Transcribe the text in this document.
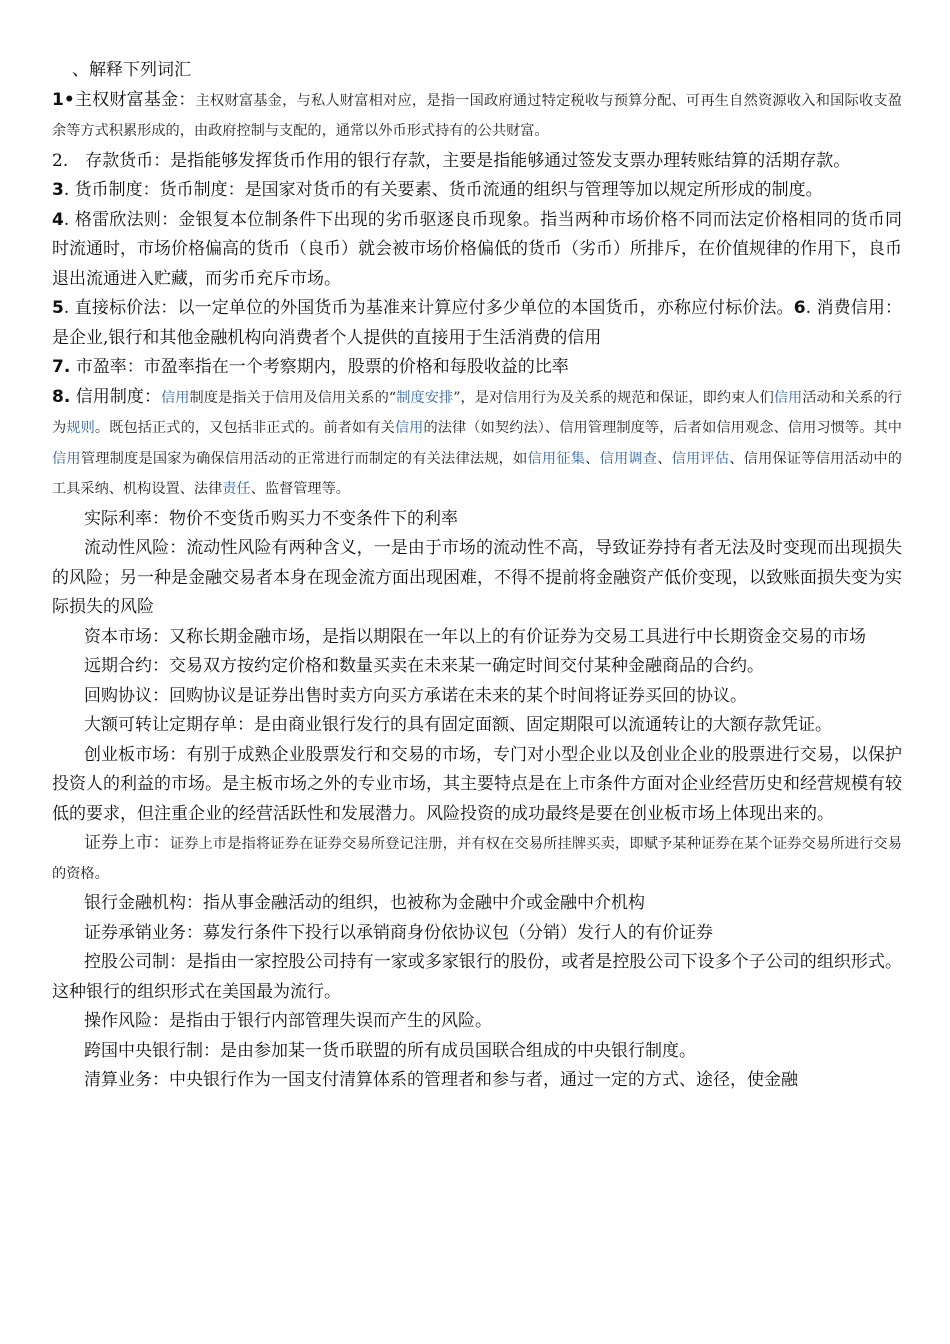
、解释下列词汇

1•主权财富基金：主权财富基金，与私人财富相对应，是指一国政府通过特定税收与预算分配、可再生自然资源收入和国际收支盈余等方式积累形成的，由政府控制与支配的，通常以外币形式持有的公共财富。

2.　存款货币：是指能够发挥货币作用的银行存款，主要是指能够通过签发支票办理转账结算的活期存款。

3. 货币制度：货币制度：是国家对货币的有关要素、货币流通的组织与管理等加以规定所形成的制度。

4. 格雷欣法则：金银复本位制条件下出现的劣币驱逐良币现象。指当两种市场价格不同而法定价格相同的货币同时流通时，市场价格偏高的货币（良币）就会被市场价格偏低的货币（劣币）所排斥，在价值规律的作用下，良币退出流通进入贮藏，而劣币充斥市场。

5. 直接标价法：以一定单位的外国货币为基准来计算应付多少单位的本国货币，亦称应付标价法。6. 消费信用：是企业,银行和其他金融机构向消费者个人提供的直接用于生活消费的信用

7. 市盈率：市盈率指在一个考察期内，股票的价格和每股收益的比率

8. 信用制度：信用制度是指关于信用及信用关系的“制度安排”，是对信用行为及关系的规范和保证，即约束人们信用活动和关系的行为规则。既包括正式的，又包括非正式的。前者如有关信用的法律（如契约法）、信用管理制度等，后者如信用观念、信用习惯等。其中信用管理制度是国家为确保信用活动的正常进行而制定的有关法律法规，如信用征集、信用调查、信用评估、信用保证等信用活动中的工具采纳、机构设置、法律责任、监督管理等。

实际利率：物价不变货币购买力不变条件下的利率

流动性风险：流动性风险有两种含义，一是由于市场的流动性不高，导致证券持有者无法及时变现而出现损失的风险；另一种是金融交易者本身在现金流方面出现困难，不得不提前将金融资产低价变现，以致账面损失变为实际损失的风险

资本市场：又称长期金融市场，是指以期限在一年以上的有价证券为交易工具进行中长期资金交易的市场

远期合约：交易双方按约定价格和数量买卖在未来某一确定时间交付某种金融商品的合约。

回购协议：回购协议是证券出售时卖方向买方承诺在未来的某个时间将证券买回的协议。

大额可转让定期存单：是由商业银行发行的具有固定面额、固定期限可以流通转让的大额存款凭证。

创业板市场：有别于成熟企业股票发行和交易的市场，专门对小型企业以及创业企业的股票进行交易，以保护投资人的利益的市场。是主板市场之外的专业市场，其主要特点是在上市条件方面对企业经营历史和经营规模有较低的要求，但注重企业的经营活跃性和发展潜力。风险投资的成功最终是要在创业板市场上体现出来的。

证券上市：证券上市是指将证券在证券交易所登记注册，并有权在交易所挂牌买卖，即赋予某种证券在某个证券交易所进行交易的资格。

银行金融机构：指从事金融活动的组织，也被称为金融中介或金融中介机构

证券承销业务：募发行条件下投行以承销商身份依协议包（分销）发行人的有价证券

控股公司制：是指由一家控股公司持有一家或多家银行的股份，或者是控股公司下设多个子公司的组织形式。这种银行的组织形式在美国最为流行。

操作风险：是指由于银行内部管理失误而产生的风险。

跨国中央银行制：是由参加某一货币联盟的所有成员国联合组成的中央银行制度。

清算业务：中央银行作为一国支付清算体系的管理者和参与者，通过一定的方式、途径，使金融
